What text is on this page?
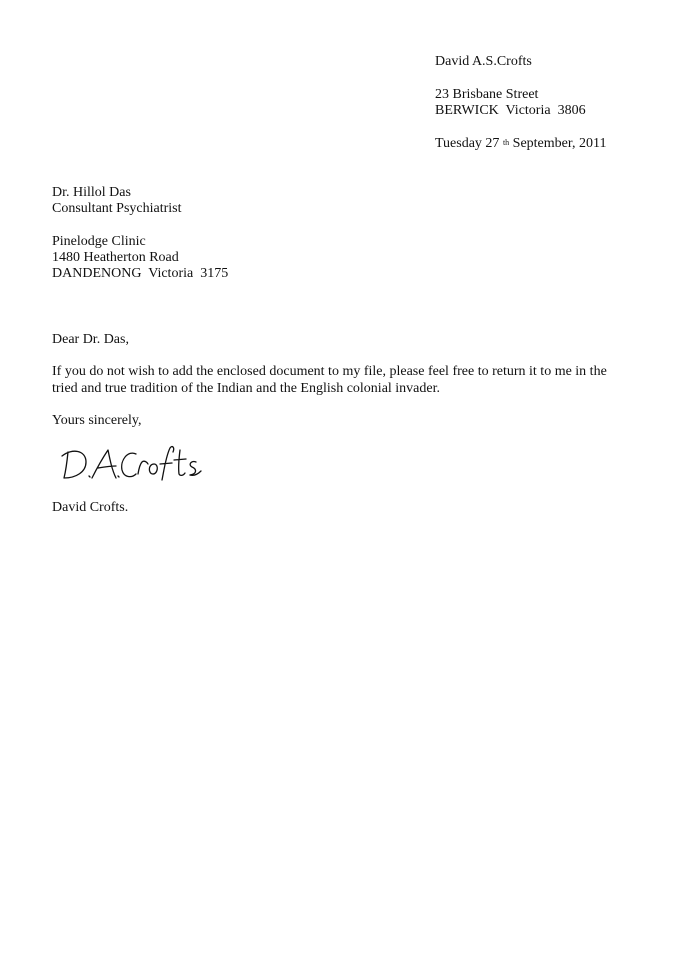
David A.S.Crofts
23 Brisbane Street
BERWICK Victoria 3806
Tuesday 27 $^{th}$ September, 2011
Dr. Hillol Das
Consultant Psychiatrist
Pinelodge Clinic
1480 Heatherton Road
DANDENONG Victoria 3175
Dear Dr. Das,
If you do not wish to add the enclosed document to my file, please feel free to return it to me in the
tried and true tradition of the Indian and the English colonial invader.
Yours sincerely,
David Crofts.
